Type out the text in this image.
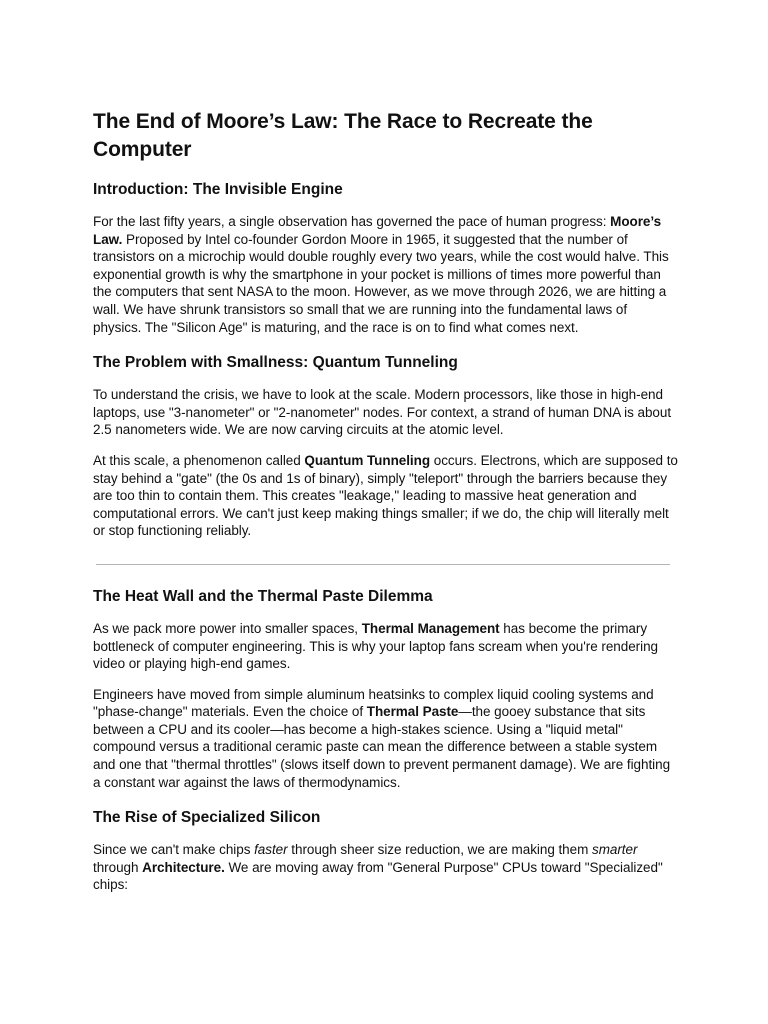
The End of Moore’s Law: The Race to Recreate the Computer
Introduction: The Invisible Engine

For the last fifty years, a single observation has governed the pace of human progress: Moore’s Law. Proposed by Intel co-founder Gordon Moore in 1965, it suggested that the number of transistors on a microchip would double roughly every two years, while the cost would halve. This exponential growth is why the smartphone in your pocket is millions of times more powerful than the computers that sent NASA to the moon. However, as we move through 2026, we are hitting a wall. We have shrunk transistors so small that we are running into the fundamental laws of physics. The "Silicon Age" is maturing, and the race is on to find what comes next.

The Problem with Smallness: Quantum Tunneling

To understand the crisis, we have to look at the scale. Modern processors, like those in high-end laptops, use "3-nanometer" or "2-nanometer" nodes. For context, a strand of human DNA is about 2.5 nanometers wide. We are now carving circuits at the atomic level.

At this scale, a phenomenon called Quantum Tunneling occurs. Electrons, which are supposed to stay behind a "gate" (the 0s and 1s of binary), simply "teleport" through the barriers because they are too thin to contain them. This creates "leakage," leading to massive heat generation and computational errors. We can't just keep making things smaller; if we do, the chip will literally melt or stop functioning reliably.

The Heat Wall and the Thermal Paste Dilemma

As we pack more power into smaller spaces, Thermal Management has become the primary bottleneck of computer engineering. This is why your laptop fans scream when you're rendering video or playing high-end games.

Engineers have moved from simple aluminum heatsinks to complex liquid cooling systems and "phase-change" materials. Even the choice of Thermal Paste—the gooey substance that sits between a CPU and its cooler—has become a high-stakes science. Using a "liquid metal" compound versus a traditional ceramic paste can mean the difference between a stable system and one that "thermal throttles" (slows itself down to prevent permanent damage). We are fighting a constant war against the laws of thermodynamics.

The Rise of Specialized Silicon

Since we can't make chips faster through sheer size reduction, we are making them smarter through Architecture. We are moving away from "General Purpose" CPUs toward "Specialized" chips:
